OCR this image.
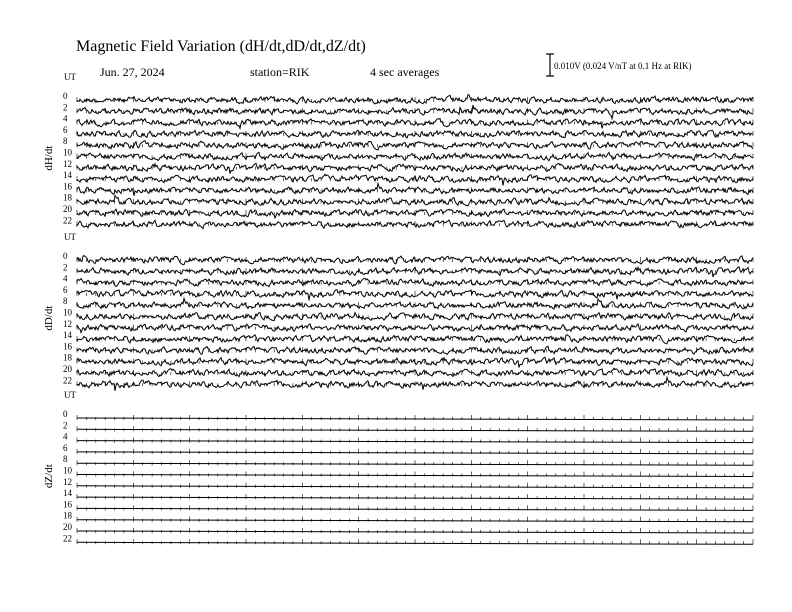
Magnetic Field Variation (dH/dt,dD/dt,dZ/dt)
Jun. 27, 2024	station=RIK	4 sec averages	0.010V (0.024 V/nT at 0.1 Hz at RIK)
UT
dH/dt
0
2
4
6
8
10
12
14
16
18
20
22
UT
dD/dt
0
2
4
6
8
10
12
14
16
18
20
22
UT
dZ/dt
0
2
4
6
8
10
12
14
16
18
20
22
